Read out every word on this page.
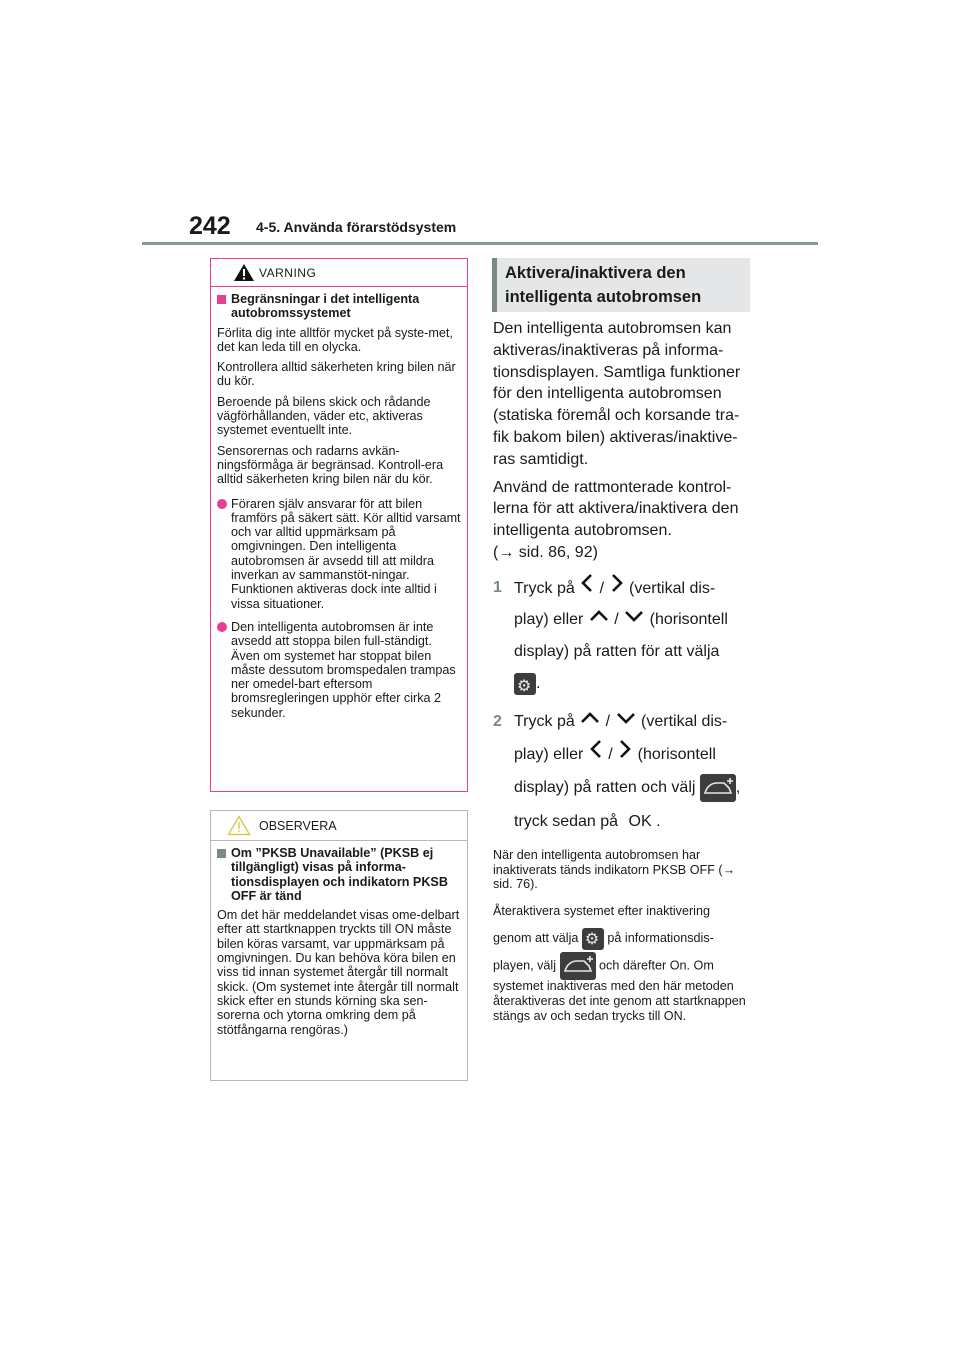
242 4-5. Använda förarstödsystem
VARNING
Begränsningar i det intelligenta autobromssystemet

Förlita dig inte alltför mycket på syste-met, det kan leda till en olycka.

Kontrollera alltid säkerheten kring bilen när du kör.

Beroende på bilens skick och rådande vägförhållanden, väder etc, aktiveras systemet eventuellt inte.

Sensorernas och radarns avkän-ningsförmåga är begränsad. Kontroll-era alltid säkerheten kring bilen när du kör.

Föraren själv ansvarar för att bilen framförs på säkert sätt. Kör alltid varsamt och var alltid uppmärksam på omgivningen. Den intelligenta autobromsen är avsedd till att mildra inverkan av sammanstöt-ningar. Funktionen aktiveras dock inte alltid i vissa situationer.
Den intelligenta autobromsen är inte avsedd att stoppa bilen full-ständigt. Även om systemet har stoppat bilen måste dessutom bromspedalen trampas ner omedel-bart eftersom bromsregleringen upphör efter cirka 2 sekunder.
OBSERVERA
Om ”PKSB Unavailable” (PKSB ej tillgängligt) visas på informa-tionsdisplayen och indikatorn PKSB OFF är tänd

Om det här meddelandet visas ome-delbart efter att startknappen tryckts till ON måste bilen köras varsamt, var uppmärksam på omgivningen. Du kan behöva köra bilen en viss tid innan systemet återgår till normalt skick. (Om systemet inte återgår till normalt skick efter en stunds körning ska sen-sorerna och ytorna omkring dem på stötfångarna rengöras.)

Aktivera/inaktivera den intelligenta autobromsen

Den intelligenta autobromsen kan aktiveras/inaktiveras på informa-tionsdisplayen. Samtliga funktioner för den intelligenta autobromsen (statiska föremål och korsande tra-fik bakom bilen) aktiveras/inaktive-ras samtidigt.

Använd de rattmonterade kontrol-lerna för att aktivera/inaktivera den intelligenta autobromsen.
(→ sid. 86, 92)

1 Tryck på / (vertikal dis-
play) eller / (horisontell
display) på ratten för att välja
⚙.
2 Tryck på / (vertikal dis-
play) eller / (horisontell
display) på ratten och välj	,
tryck sedan på OK .

När den intelligenta autobromsen har inaktiverats tänds indikatorn PKSB OFF (→ sid. 76).

Återaktivera systemet efter inaktivering
genom att välja ⚙ på informationsdis-
playen, välj	och därefter On. Om

systemet inaktiveras med den här metoden återaktiveras det inte genom att startknappen stängs av och sedan trycks till ON.
